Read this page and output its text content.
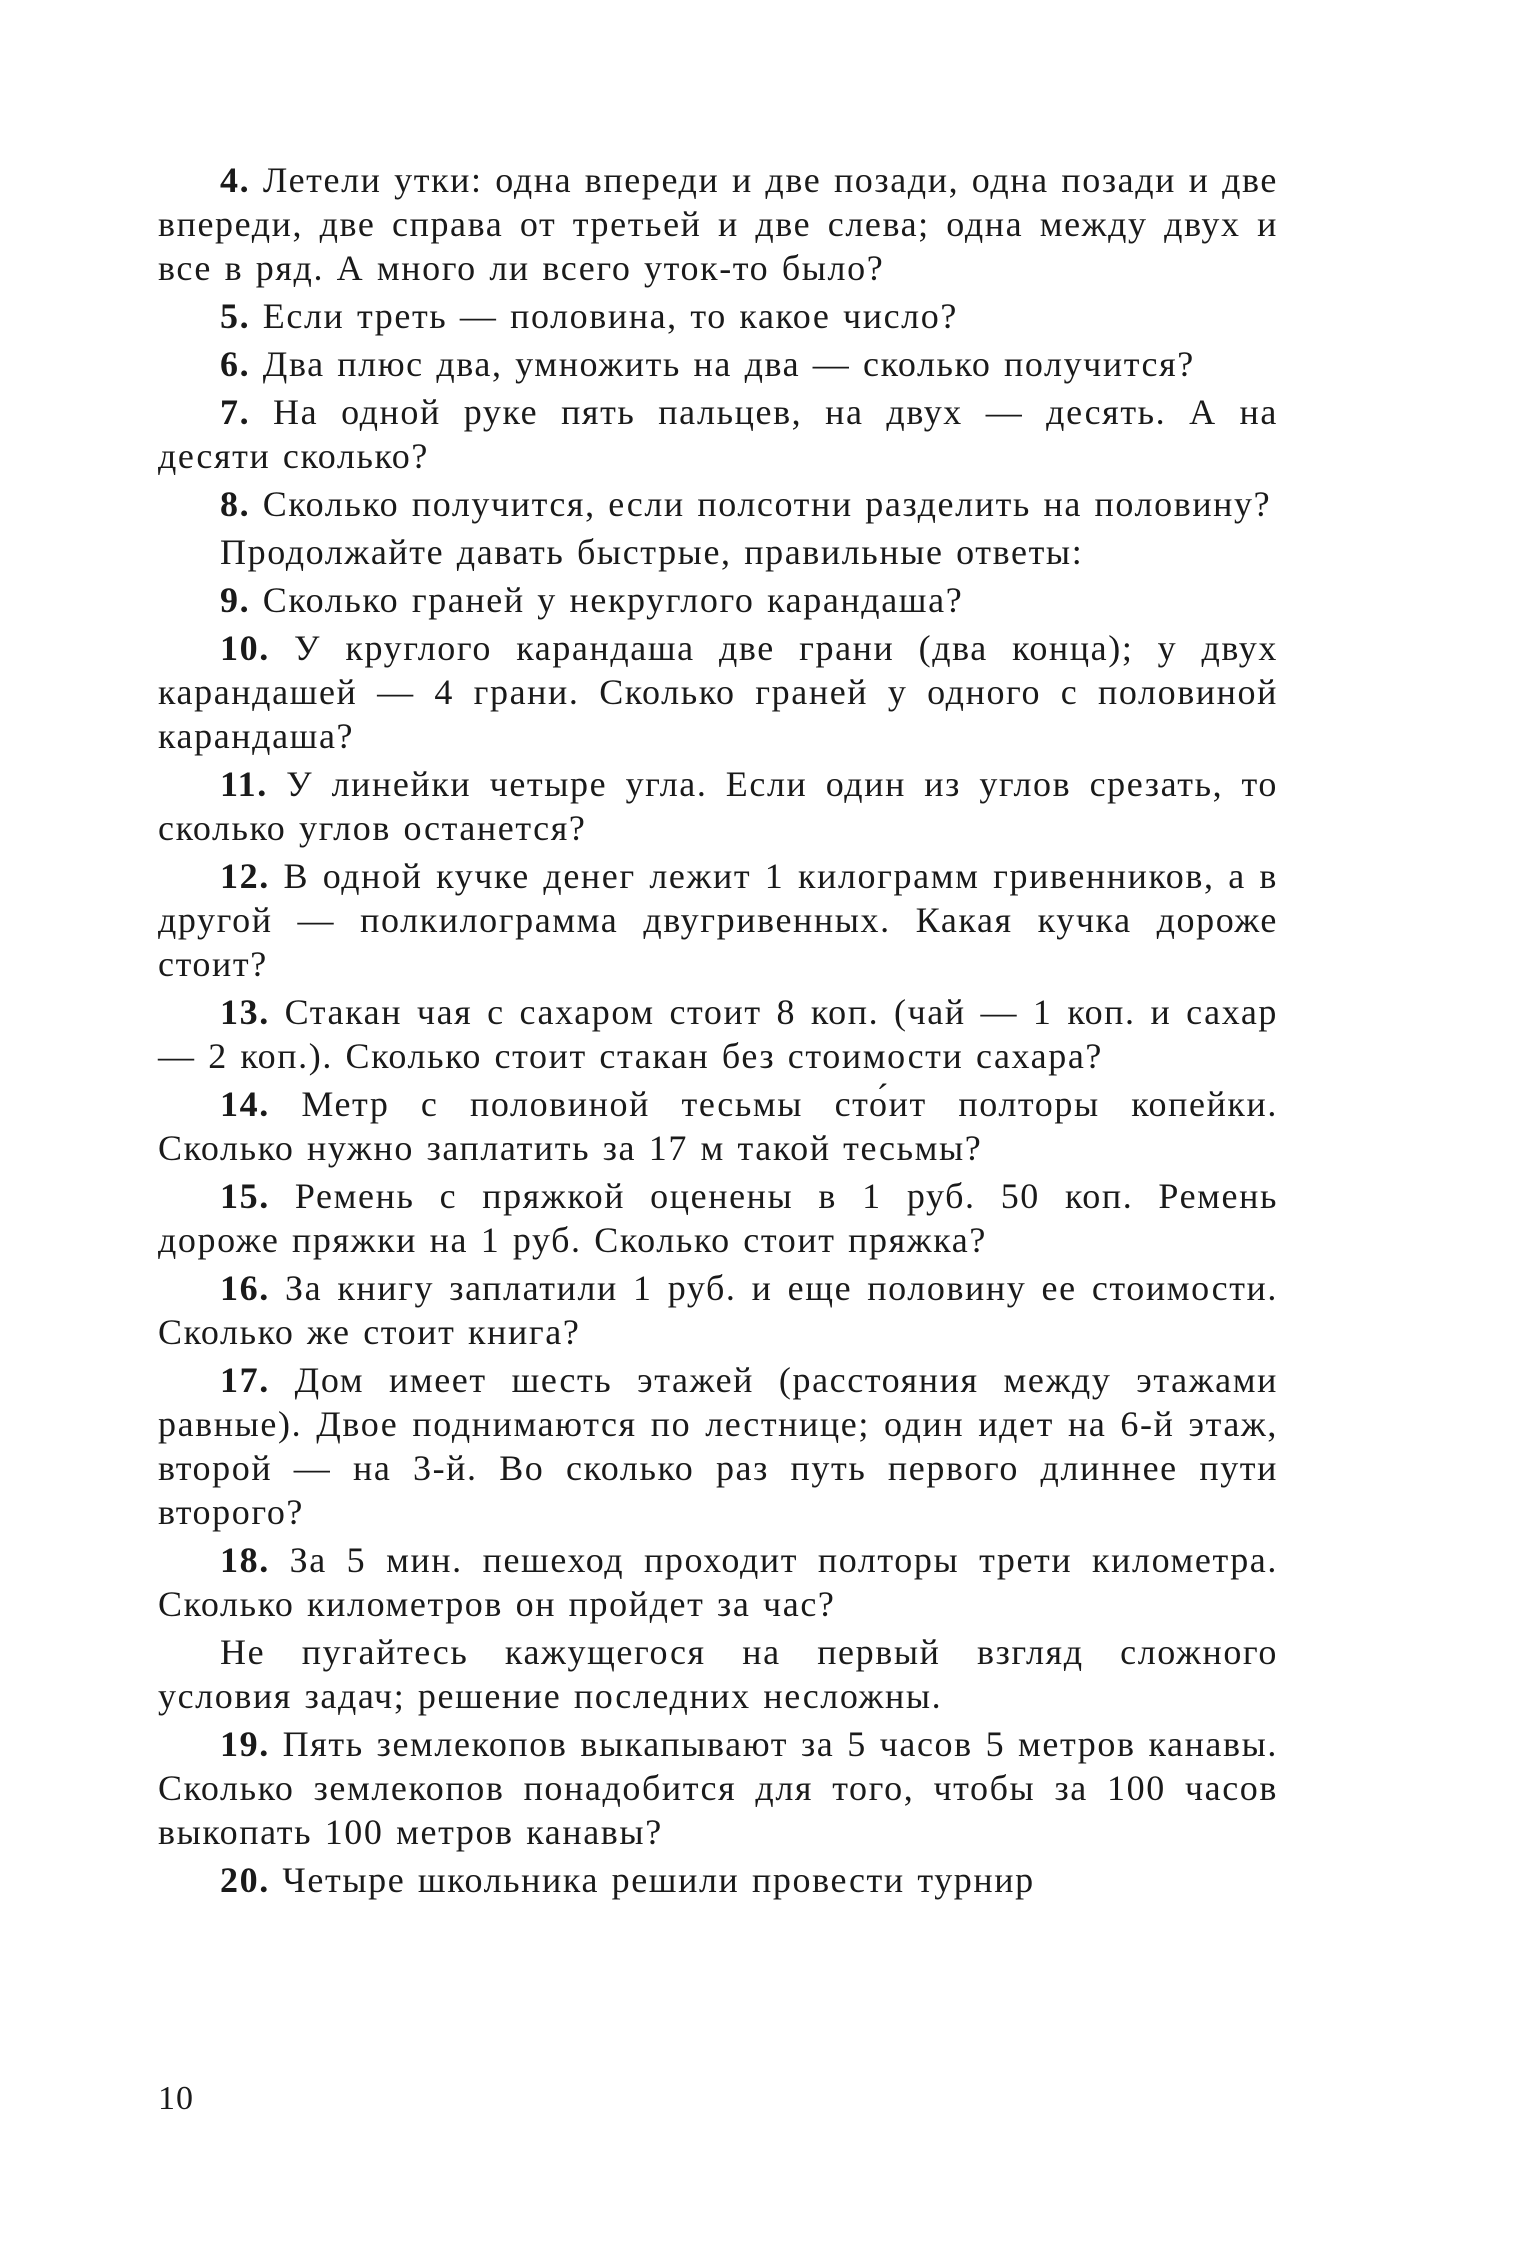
4. Летели утки: одна впереди и две позади, одна позади и две впереди, две справа от третьей и две слева; одна между двух и все в ряд. А много ли всего уток-то было?

5. Если треть — половина, то какое число?

6. Два плюс два, умножить на два — сколько получится?

7. На одной руке пять пальцев, на двух — десять. А на десяти сколько?

8. Сколько получится, если полсотни разделить на половину?

Продолжайте давать быстрые, правильные ответы:

9. Сколько граней у некруглого карандаша?

10. У круглого карандаша две грани (два конца); у двух карандашей — 4 грани. Сколько граней у одного с половиной карандаша?

11. У линейки четыре угла. Если один из углов срезать, то сколько углов останется?

12. В одной кучке денег лежит 1 килограмм гривенников, а в другой — полкилограмма двугривенных. Какая кучка дороже стоит?

13. Стакан чая с сахаром стоит 8 коп. (чай — 1 коп. и сахар — 2 коп.). Сколько стоит стакан без стоимости сахара?

14. Метр с половиной тесьмы сто́ит полторы копейки. Сколько нужно заплатить за 17 м такой тесьмы?

15. Ремень с пряжкой оценены в 1 руб. 50 коп. Ремень дороже пряжки на 1 руб. Сколько стоит пряжка?

16. За книгу заплатили 1 руб. и еще половину ее стоимости. Сколько же стоит книга?

17. Дом имеет шесть этажей (расстояния между этажами равные). Двое поднимаются по лестнице; один идет на 6-й этаж, второй — на 3-й. Во сколько раз путь первого длиннее пути второго?

18. За 5 мин. пешеход проходит полторы трети километра. Сколько километров он пройдет за час?

Не пугайтесь кажущегося на первый взгляд сложного условия задач; решение последних несложны.

19. Пять землекопов выкапывают за 5 часов 5 метров канавы. Сколько землекопов понадобится для того, чтобы за 100 часов выкопать 100 метров канавы?

20. Четыре школьника решили провести турнир

10
